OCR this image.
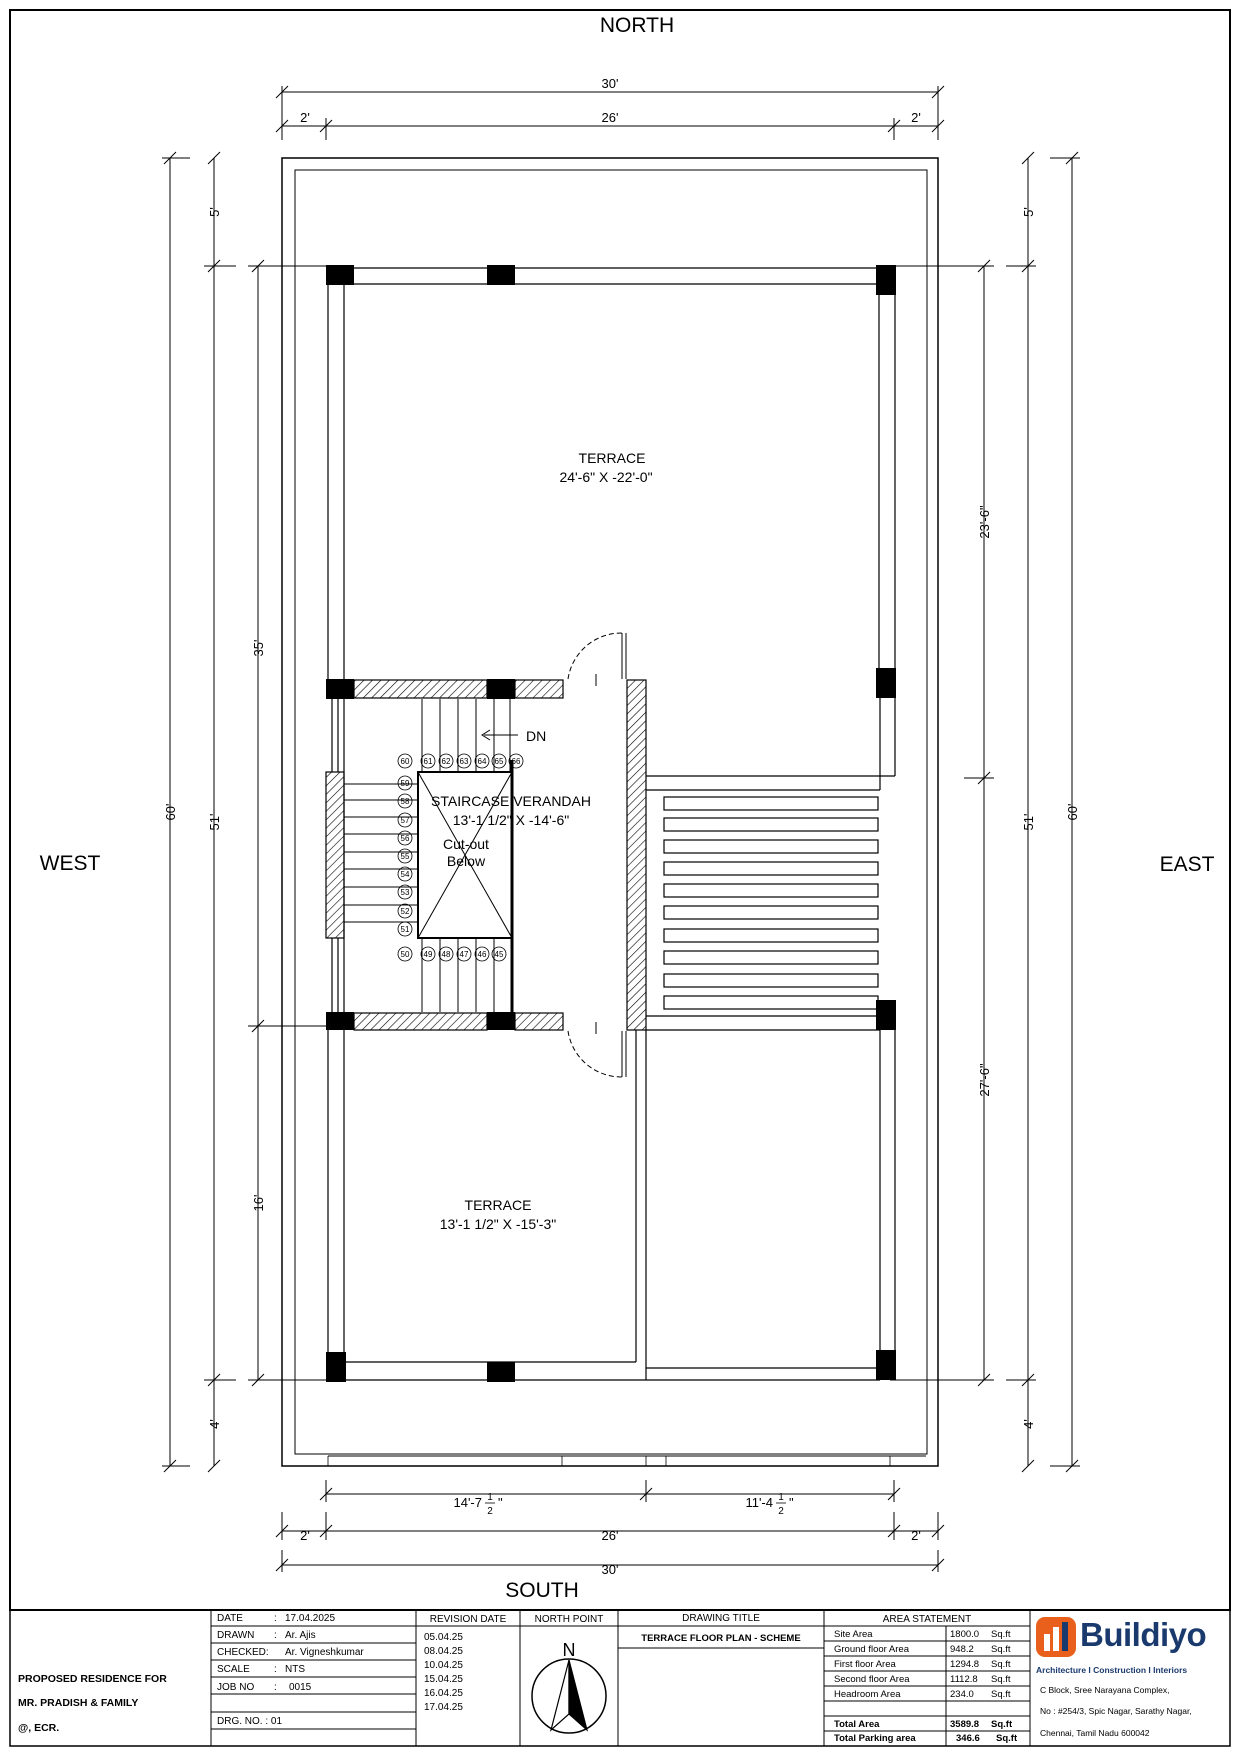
NORTH
SOUTH
WEST	EAST
30'
2'	26'	2'
14'-7 1
2
"	11'-4 1
2
"
2'	26'	2'
30'
60'
5'
51'
4'
35'
16'
60'
5'
51'
4'
23'-6"
27'-6"
60 61 62 63 64 65 66
59
58
57
56
55
54
53
52
51
50 49 48 47 46 45
TERRACE
24'-6" X -22'-0"
DN
STAIRCASE VERANDAH
13'-1 1/2" X -14'-6"
Cut-out
Below
TERRACE
13'-1 1/2" X -15'-3"
N
PROPOSED RESIDENCE FOR
MR. PRADISH & FAMILY
@, ECR.
DATE	: 17.04.2025
DRAWN : Ar. Ajis
CHECKED: Ar. Vigneshkumar
SCALE : NTS
JOB NO : 0015
DRG. NO. : 01
REVISION DATE
05.04.25
08.04.25
10.04.25
15.04.25
16.04.25
17.04.25
NORTH POINT	DRAWING TITLE
TERRACE FLOOR PLAN - SCHEME
AREA STATEMENT
Site Area	1800.0 Sq.ft
Ground floor Area	948.2 Sq.ft
First floor Area	1294.8 Sq.ft
Second floor Area	1112.8 Sq.ft
Headroom Area	234.0 Sq.ft
Total Area	3589.8 Sq.ft
Total Parking area	346.6 Sq.ft
Buildiyo
Architecture I Construction I Interiors
C Block, Sree Narayana Complex,
No : #254/3, Spic Nagar, Sarathy Nagar,
Chennai, Tamil Nadu 600042
